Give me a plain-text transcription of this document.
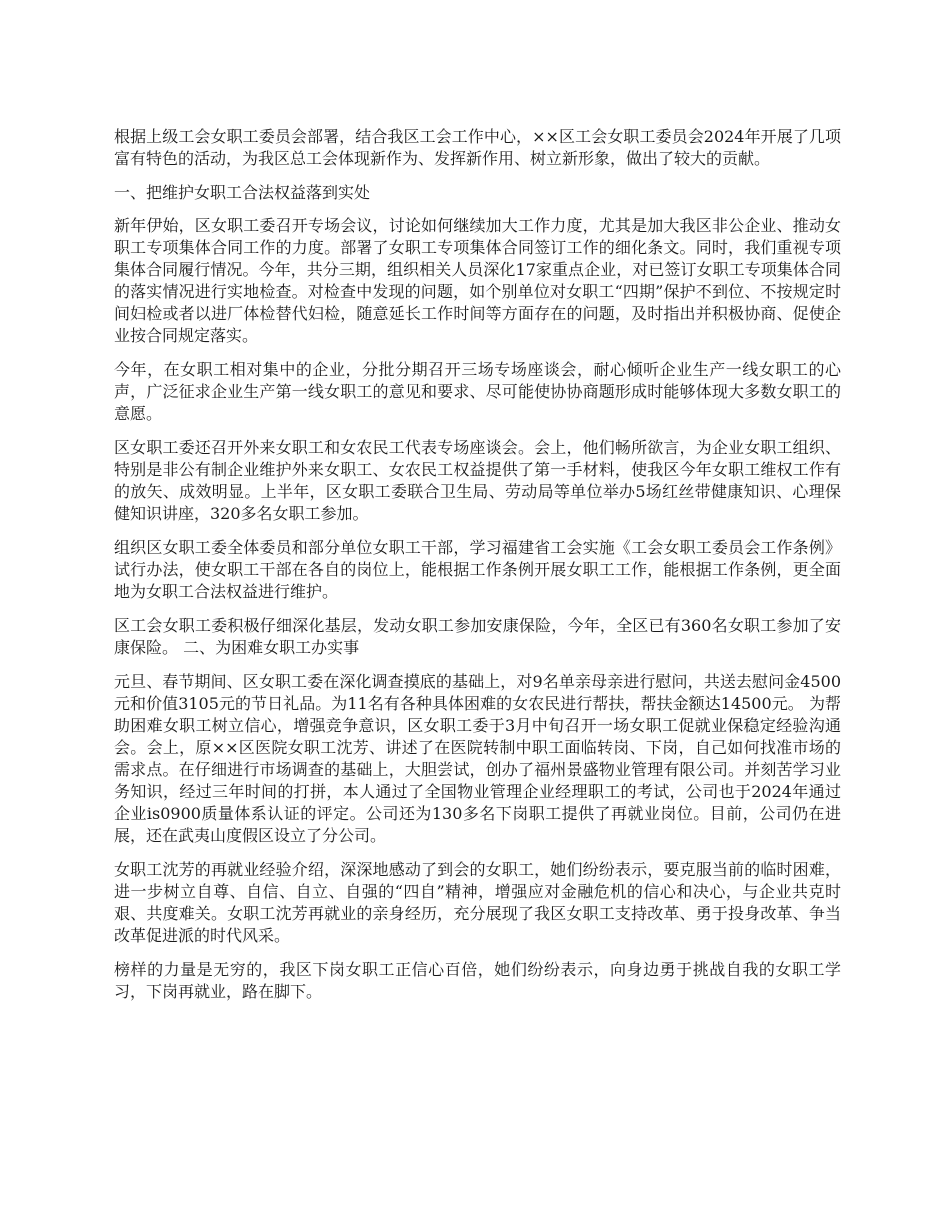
根据上级工会女职工委员会部署，结合我区工会工作中心，××区工会女职工委员会2024年开展了几项富有特色的活动，为我区总工会体现新作为、发挥新作用、树立新形象，做出了较大的贡献。

一、把维护女职工合法权益落到实处

新年伊始，区女职工委召开专场会议，讨论如何继续加大工作力度，尤其是加大我区非公企业、推动女职工专项集体合同工作的力度。部署了女职工专项集体合同签订工作的细化条文。同时，我们重视专项集体合同履行情况。今年，共分三期，组织相关人员深化17家重点企业，对已签订女职工专项集体合同的落实情况进行实地检查。对检查中发现的问题，如个别单位对女职工“四期”保护不到位、不按规定时间妇检或者以进厂体检替代妇检，随意延长工作时间等方面存在的问题，及时指出并积极协商、促使企业按合同规定落实。

今年，在女职工相对集中的企业，分批分期召开三场专场座谈会，耐心倾听企业生产一线女职工的心声，广泛征求企业生产第一线女职工的意见和要求、尽可能使协协商题形成时能够体现大多数女职工的意愿。

区女职工委还召开外来女职工和女农民工代表专场座谈会。会上，他们畅所欲言，为企业女职工组织、特别是非公有制企业维护外来女职工、女农民工权益提供了第一手材料，使我区今年女职工维权工作有的放矢、成效明显。上半年，区女职工委联合卫生局、劳动局等单位举办5场红丝带健康知识、心理保健知识讲座，320多名女职工参加。

组织区女职工委全体委员和部分单位女职工干部，学习福建省工会实施《工会女职工委员会工作条例》试行办法，使女职工干部在各自的岗位上，能根据工作条例开展女职工工作，能根据工作条例，更全面地为女职工合法权益进行维护。

区工会女职工委积极仔细深化基层，发动女职工参加安康保险，今年，全区已有360名女职工参加了安康保险。 二、为困难女职工办实事

元旦、春节期间、区女职工委在深化调查摸底的基础上，对9名单亲母亲进行慰问，共送去慰问金4500元和价值3105元的节日礼品。为11名有各种具体困难的女农民进行帮扶，帮扶金额达14500元。 为帮助困难女职工树立信心，增强竞争意识，区女职工委于3月中旬召开一场女职工促就业保稳定经验沟通会。会上，原××区医院女职工沈芳、讲述了在医院转制中职工面临转岗、下岗，自己如何找准市场的需求点。在仔细进行市场调查的基础上，大胆尝试，创办了福州景盛物业管理有限公司。并刻苦学习业务知识，经过三年时间的打拼，本人通过了全国物业管理企业经理职工的考试，公司也于2024年通过企业is0900质量体系认证的评定。公司还为130多名下岗职工提供了再就业岗位。目前，公司仍在进展，还在武夷山度假区设立了分公司。

女职工沈芳的再就业经验介绍，深深地感动了到会的女职工，她们纷纷表示，要克服当前的临时困难，进一步树立自尊、自信、自立、自强的“四自”精神，增强应对金融危机的信心和决心，与企业共克时艰、共度难关。女职工沈芳再就业的亲身经历，充分展现了我区女职工支持改革、勇于投身改革、争当改革促进派的时代风采。

榜样的力量是无穷的，我区下岗女职工正信心百倍，她们纷纷表示，向身边勇于挑战自我的女职工学习，下岗再就业，路在脚下。
